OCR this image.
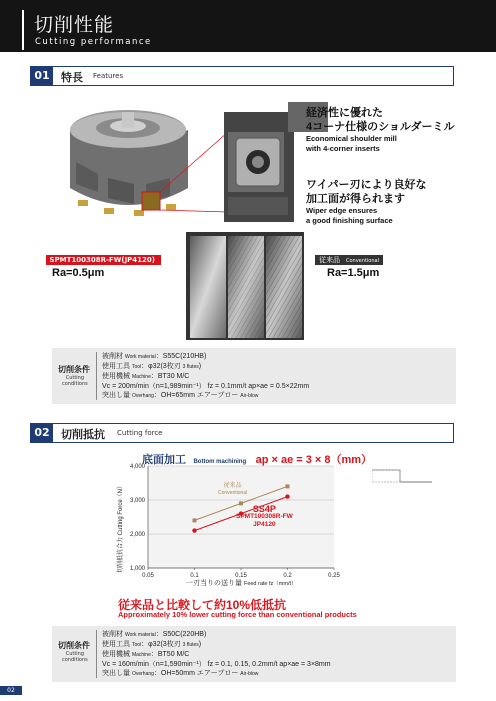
切削性能
Cutting performance
01	特長 Features
経済性に優れた
4コーナ仕様のショルダーミル
Economical shoulder mill
with 4-corner inserts
ワイパー刃により良好な
加工面が得られます
Wiper edge ensures
a good finishing surface
SPMT100308R-FW(JP4120)	従来品 Conventional
Ra=0.5μm	Ra=1.5μm
切削条件
Cutting
conditions
被削材 Work material：S55C(210HB)
使用工具 Tool：φ32(3枚刃 3 flutes)
使用機械 Machine：BT30 M/C
Vc = 200m/min（n=1,989min⁻¹） fz = 0.1mm/t ap×ae = 0.5×22mm
突出し量 Overhang：OH=65mm エアーブロー Air-blow
02	切削抵抗 Cutting force
底面加工 Bottom machining ap × ae = 3 × 8（mm）
1,000
2,000
3,000
4,000
0.05	0.1	0.15	0.2	0.25
切削抵抗合力 Cutting Force（N）
一刃当りの送り量 Feed rate fz（mm/t）
従来品
Conventional
SS4P
SPMT100308R-FW
JP4120
従来品と比較して約10%低抵抗
Approximately 10% lower cutting force than conventional products
切削条件
Cutting
conditions
被削材 Work material：S50C(220HB)
使用工具 Tool：φ32(3枚刃 3 flutes)
使用機械 Machine：BT50 M/C
Vc = 160m/min（n=1,590min⁻¹） fz = 0.1, 0.15, 0.2mm/t ap×ae = 3×8mm
突出し量 Overhang：OH=50mm エアーブロー Air-blow
02
